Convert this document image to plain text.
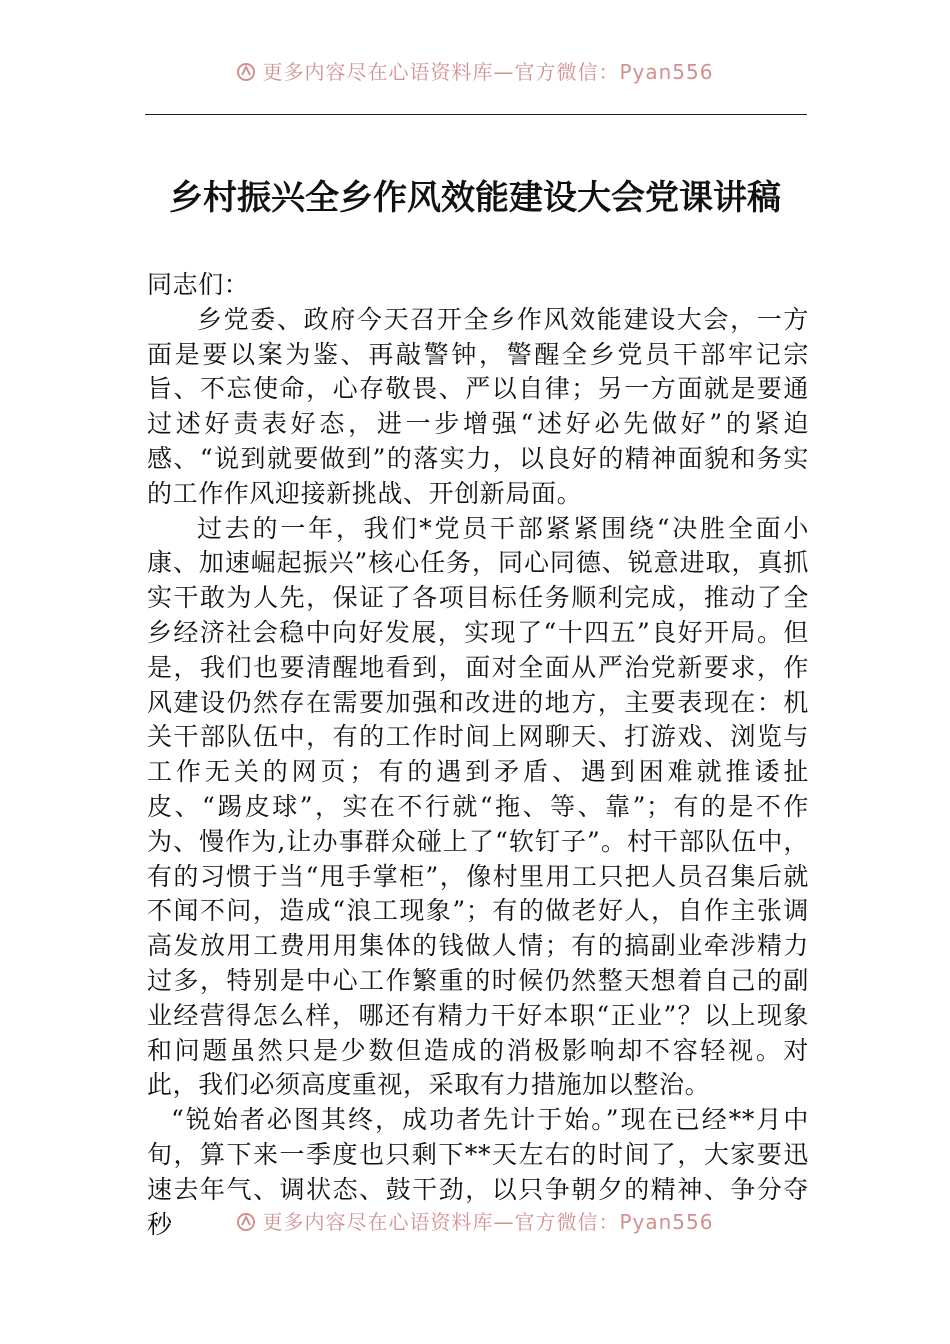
更多内容尽在心语资料库—官方微信：Pyan556
乡村振兴全乡作风效能建设大会党课讲稿

同志们：

乡党委、政府今天召开全乡作风效能建设大会，一方面是要以案为鉴、再敲警钟，警醒全乡党员干部牢记宗旨、不忘使命，心存敬畏、严以自律；另一方面就是要通过述好责表好态，进一步增强“述好必先做好”的紧迫感、“说到就要做到”的落实力，以良好的精神面貌和务实的工作作风迎接新挑战、开创新局面。

过去的一年，我们*党员干部紧紧围绕“决胜全面小康、加速崛起振兴”核心任务，同心同德、锐意进取，真抓实干敢为人先，保证了各项目标任务顺利完成，推动了全乡经济社会稳中向好发展，实现了“十四五”良好开局。但是，我们也要清醒地看到，面对全面从严治党新要求，作风建设仍然存在需要加强和改进的地方，主要表现在：机关干部队伍中，有的工作时间上网聊天、打游戏、浏览与工作无关的网页；有的遇到矛盾、遇到困难就推诿扯皮、“踢皮球”，实在不行就“拖、等、靠”；有的是不作为、慢作为,让办事群众碰上了“软钉子”。村干部队伍中，有的习惯于当“甩手掌柜”，像村里用工只把人员召集后就不闻不问，造成“浪工现象”；有的做老好人，自作主张调高发放用工费用用集体的钱做人情；有的搞副业牵涉精力过多，特别是中心工作繁重的时候仍然整天想着自己的副业经营得怎么样，哪还有精力干好本职“正业”？以上现象和问题虽然只是少数但造成的消极影响却不容轻视。对此，我们必须高度重视，采取有力措施加以整治。

“锐始者必图其终，成功者先计于始。”现在已经**月中旬，算下来一季度也只剩下**天左右的时间了，大家要迅速去年气、调状态、鼓干劲，以只争朝夕的精神、争分夺秒	更多内容尽在心语资料库—官方微信：Pyan556
